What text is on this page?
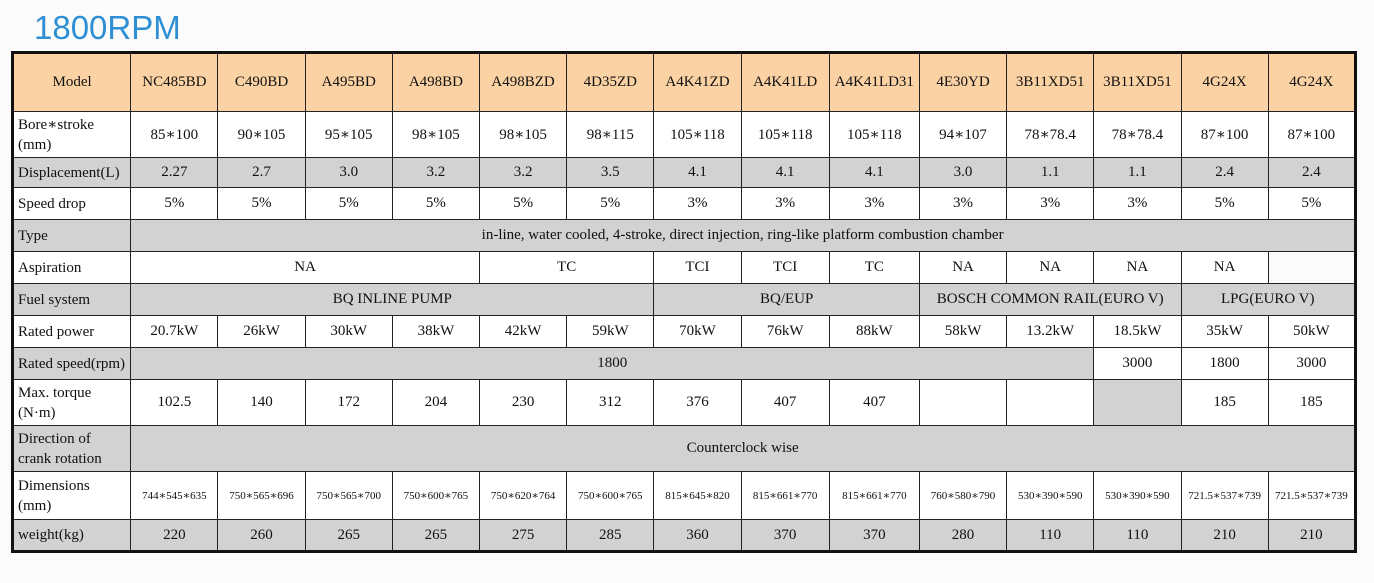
1800RPM
Model	NC485BD	C490BD	A495BD	A498BD	A498BZD	4D35ZD	A4K41ZD	A4K41LD	A4K41LD31	4E30YD	3B11XD51	3B11XD51	4G24X	4G24X
Bore∗stroke
(mm)	85∗100	90∗105	95∗105	98∗105	98∗105	98∗115	105∗118	105∗118	105∗118	94∗107	78∗78.4	78∗78.4	87∗100	87∗100
Displacement(L)	2.27	2.7	3.0	3.2	3.2	3.5	4.1	4.1	4.1	3.0	1.1	1.1	2.4	2.4
Speed drop	5%	5%	5%	5%	5%	5%	3%	3%	3%	3%	3%	3%	5%	5%
Type	in-line, water cooled, 4-stroke, direct injection, ring-like platform combustion chamber													
Aspiration	NA				TC		TCI	TCI	TC	NA	NA	NA	NA	
Fuel system	BQ INLINE PUMP						BQ/EUP			BOSCH COMMON RAIL(EURO V)			LPG(EURO V)	
Rated power	20.7kW	26kW	30kW	38kW	42kW	59kW	70kW	76kW	88kW	58kW	13.2kW	18.5kW	35kW	50kW
Rated speed(rpm)	1800											3000	1800	3000
Max. torque
(N·m)	102.5	140	172	204	230	312	376	407	407				185	185
Direction of
crank rotation	Counterclock wise													
Dimensions
(mm)	744∗545∗635	750∗565∗696	750∗565∗700	750∗600∗765	750∗620∗764	750∗600∗765	815∗645∗820	815∗661∗770	815∗661∗770	760∗580∗790	530∗390∗590	530∗390∗590	721.5∗537∗739	721.5∗537∗739
weight(kg)	220	260	265	265	275	285	360	370	370	280	110	110	210	210
